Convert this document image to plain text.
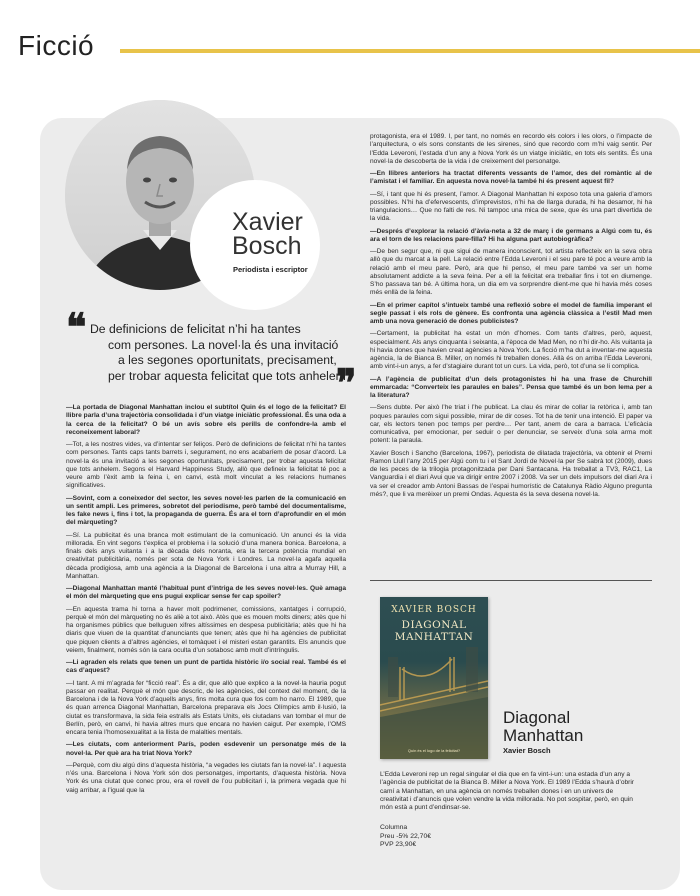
Ficció
Xavier
Bosch
Periodista i escriptor
❝ De definicions de felicitat n’hi ha tantes
com persones. La novel·la és una invitació
a les segones oportunitats, precisament,
per trobar aquesta felicitat que tots anhelem
❞

—La portada de Diagonal Manhattan inclou el subtítol Quin és el logo de la felicitat? El llibre parla d’una trajectòria consolidada i d’un viatge iniciàtic professional. És una oda a la cerca de la felicitat? O bé un avís sobre els perills de confondre-la amb el reconeixement laboral?

—Tot, a les nostres vides, va d’intentar ser feliços. Però de definicions de felicitat n’hi ha tantes com persones. Tants caps tants barrets i, segurament, no ens acabaríem de posar d’acord. La novel·la és una invitació a les segones oportunitats, precisament, per trobar aquesta felicitat que tots anhelem. Segons el Harvard Happiness Study, allò que defineix la felicitat té poc a veure amb l’èxit amb la feina i, en canvi, està molt vinculat a les relacions humanes significatives.

—Sovint, com a coneixedor del sector, les seves novel·les parlen de la comunicació en un sentit ampli. Les primeres, sobretot del periodisme, però també del documentalisme, les fake news i, fins i tot, la propaganda de guerra. És ara el torn d’aprofundir en el món del màrqueting?

—Sí. La publicitat és una branca molt estimulant de la comunicació. Un anunci és la vida millorada. En vint segons t’explica el problema i la solució d’una manera bonica. Barcelona, a finals dels anys vuitanta i a la dècada dels noranta, era la tercera potència mundial en creativitat publicitària, només per sota de Nova York i Londres. La novel·la agafa aquella dècada prodigiosa, amb una agència a la Diagonal de Barcelona i una altra a Murray Hill, a Manhattan.

—Diagonal Manhattan manté l’habitual punt d’intriga de les seves novel·les. Què amaga el món del màrqueting que ens pugui explicar sense fer cap spoiler?

—En aquesta trama hi torna a haver molt podrimener, comissions, xantatges i corrupció, perquè el món del màrqueting no és aliè a tot això. Atès que es mouen molts diners; atès que hi ha organismes públics que belluguen xifres altíssimes en despesa publicitària; atès que hi ha diaris que viuen de la quantitat d’anunciants que tenen; atès que hi ha agències de publicitat que piquen clients a d’altres agències, el tomàquet i el misteri estan garantits. Els anuncis que veiem, finalment, només són la cara oculta d’un sotabosc amb molt d’intríngulis.

—Li agraden els relats que tenen un punt de partida històric i/o social real. També és el cas d’aquest?

—I tant. A mi m’agrada fer “ficció real”. És a dir, que allò que explico a la novel·la hauria pogut passar en realitat. Perquè el món que descric, de les agències, del context del moment, de la Barcelona i de la Nova York d’aquells anys, fins molta cura que fos com ho narro. El 1989, que és quan arrenca Diagonal Manhattan, Barcelona preparava els Jocs Olímpics amb il·lusió, la ciutat es transformava, la sida feia estralls als Estats Units, els ciutadans van tombar el mur de Berlín, però, en canvi, hi havia altres murs que encara no havien caigut. Per exemple, l’OMS encara tenia l’homosexualitat a la llista de malalties mentals.

—Les ciutats, com anteriorment París, poden esdevenir un personatge més de la novel·la. Per què ara ha triat Nova York?

—Perquè, com diu algú dins d’aquesta història, “a vegades les ciutats fan la novel·la”. I aquesta n’és una. Barcelona i Nova York són dos personatges, importants, d’aquesta història. Nova York és una ciutat que conec prou, era el rovell de l’ou publicitari i, la primera vegada que hi vaig arribar, a l’igual que la

protagonista, era el 1989. I, per tant, no només en recordo els colors i les olors, o l’impacte de l’arquitectura, o els sons constants de les sirenes, sinó que recordo com m’hi vaig sentir. Per l’Edda Leveroni, l’estada d’un any a Nova York és un viatge iniciàtic, en tots els sentits. És una novel·la de descoberta de la vida i de creixement del personatge.

—En llibres anteriors ha tractat diferents vessants de l’amor, des del romàntic al de l’amistat i el familiar. En aquesta nova novel·la també hi és present aquest fil?

—Sí, i tant que hi és present, l’amor. A Diagonal Manhattan hi exposo tota una galeria d’amors possibles. N’hi ha d’efervescents, d’imprevistos, n’hi ha de llarga durada, hi ha desamor, hi ha triangulacions… Que no falti de res. Ni tampoc una mica de sexe, que és una part divertida de la vida.

—Després d’explorar la relació d’àvia-neta a 32 de març i de germans a Algú com tu, és ara el torn de les relacions pare-filla? Hi ha alguna part autobiogràfica?

—De ben segur que, ni que sigui de manera inconscient, tot artista reflecteix en la seva obra allò que du marcat a la pell. La relació entre l’Edda Leveroni i el seu pare té poc a veure amb la relació amb el meu pare. Però, ara que hi penso, el meu pare també va ser un home absolutament addicte a la seva feina. Per a ell la felicitat era treballar fins i tot en diumenge. S’ho passava tan bé. A última hora, un dia em va sorprendre dient-me que hi havia més coses més enllà de la feina.

—En el primer capítol s’intueix també una reflexió sobre el model de família imperant el segle passat i els rols de gènere. Es confronta una agència clàssica a l’estil Mad men amb una nova generació de dones publicistes?

—Certament, la publicitat ha estat un món d’homes. Com tants d’altres, però, aquest, especialment. Als anys cinquanta i seixanta, a l’època de Mad Men, no n’hi dir-ho. Als vuitanta ja hi havia dones que havien creat agències a Nova York. La ficció m’ha dut a inventar-me aquesta agència, la de Bianca B. Miller, on només hi treballen dones. Allà és on arriba l’Edda Leveroni, amb vint-i-un anys, a fer d’stagiaire durant tot un curs. La vida, però, tot d’una se li complica.

—A l’agència de publicitat d’un dels protagonistes hi ha una frase de Churchill emmarcada: “Converteix les paraules en bales”. Pensa que també és un bon lema per a la literatura?

—Sens dubte. Per això l’he triat i l’he publicat. La clau és mirar de collar la retòrica i, amb tan poques paraules com sigui possible, mirar de dir coses. Tot ha de tenir una intenció. El paper va car, els lectors tenen poc temps per perdre… Per tant, anem de cara a barraca. L’eficàcia comunicativa, per emocionar, per seduir o per denunciar, se serveix d’una sola arma molt potent: la paraula.

Xavier Bosch i Sancho (Barcelona, 1967), periodista de dilatada trajectòria, va obtenir el Premi Ramon Llull l’any 2015 per Algú com tu i el Sant Jordi de Novel·la per Se sabrà tot (2009), dues de les peces de la trilogia protagonitzada per Dani Santacana. Ha treballat a TV3, RAC1, La Vanguardia i el diari Avui que va dirigir entre 2007 i 2008. Va ser un dels impulsors del diari Ara i va ser el creador amb Antoni Bassas de l’espai humorístic de Catalunya Ràdio Alguno pregunta més?, que li va merèixer un premi Ondas. Aquesta és la seva desena novel·la.

XAVIER BOSCH
DIAGONAL
MANHATTAN
Quin és el logo de la felicitat?
Diagonal
Manhattan
Xavier Bosch
L’Edda Leveroni rep un regal singular el dia que en fa vint-i-un: una estada d’un any a l’agència de publicitat de la Bianca B. Miller a Nova York. El 1989 l’Edda s’haurà d’obrir camí a Manhattan, en una agència on només treballen dones i en un univers de creativitat i d’anuncis que volen vendre la vida millorada. No pot sospitar, però, en quin món està a punt d’endinsar-se.
Columna
Preu -5% 22,70€
PVP 23,90€
